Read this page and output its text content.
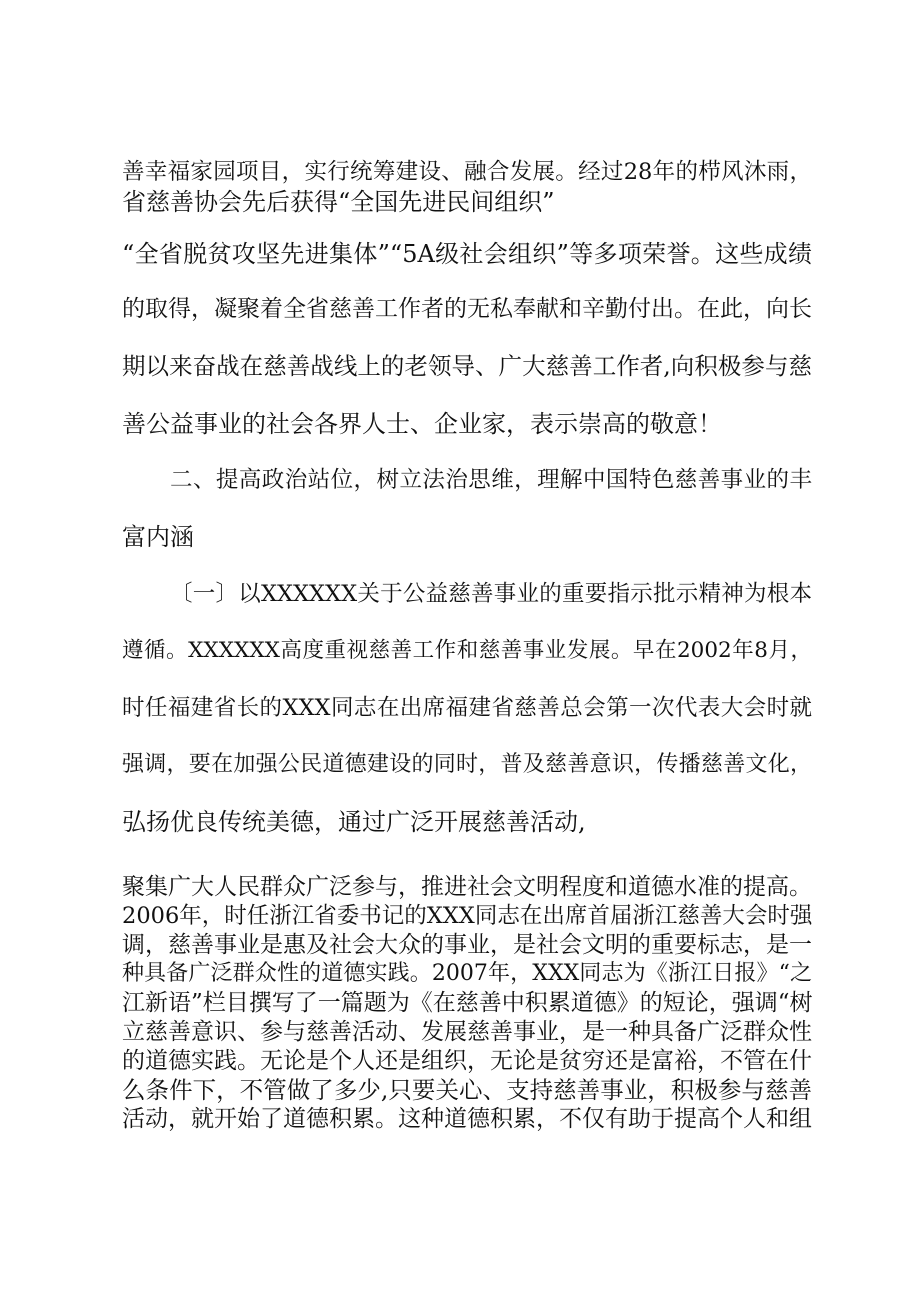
善幸福家园项目，实行统筹建设、融合发展。经过28年的栉风沐雨，
省慈善协会先后获得“全国先进民间组织”
“全省脱贫攻坚先进集体”“5A级社会组织”等多项荣誉。这些成绩
的取得，凝聚着全省慈善工作者的无私奉献和辛勤付出。在此，向长
期以来奋战在慈善战线上的老领导、广大慈善工作者,向积极参与慈
善公益事业的社会各界人士、企业家，表示崇高的敬意！
二、提高政治站位，树立法治思维，理解中国特色慈善事业的丰
富内涵
〔一〕以XXXXXX关于公益慈善事业的重要指示批示精神为根本
遵循。XXXXXX高度重视慈善工作和慈善事业发展。早在2002年8月，
时任福建省长的XXX同志在出席福建省慈善总会第一次代表大会时就
强调，要在加强公民道德建设的同时，普及慈善意识，传播慈善文化，
弘扬优良传统美德，通过广泛开展慈善活动,
聚集广大人民群众广泛参与，推进社会文明程度和道德水准的提高。
2006年，时任浙江省委书记的XXX同志在出席首届浙江慈善大会时强
调，慈善事业是惠及社会大众的事业，是社会文明的重要标志，是一
种具备广泛群众性的道德实践。2007年，XXX同志为《浙江日报》“之
江新语”栏目撰写了一篇题为《在慈善中积累道德》的短论，强调“树
立慈善意识、参与慈善活动、发展慈善事业，是一种具备广泛群众性
的道德实践。无论是个人还是组织，无论是贫穷还是富裕，不管在什
么条件下，不管做了多少,只要关心、支持慈善事业，积极参与慈善
活动，就开始了道德积累。这种道德积累，不仅有助于提高个人和组
